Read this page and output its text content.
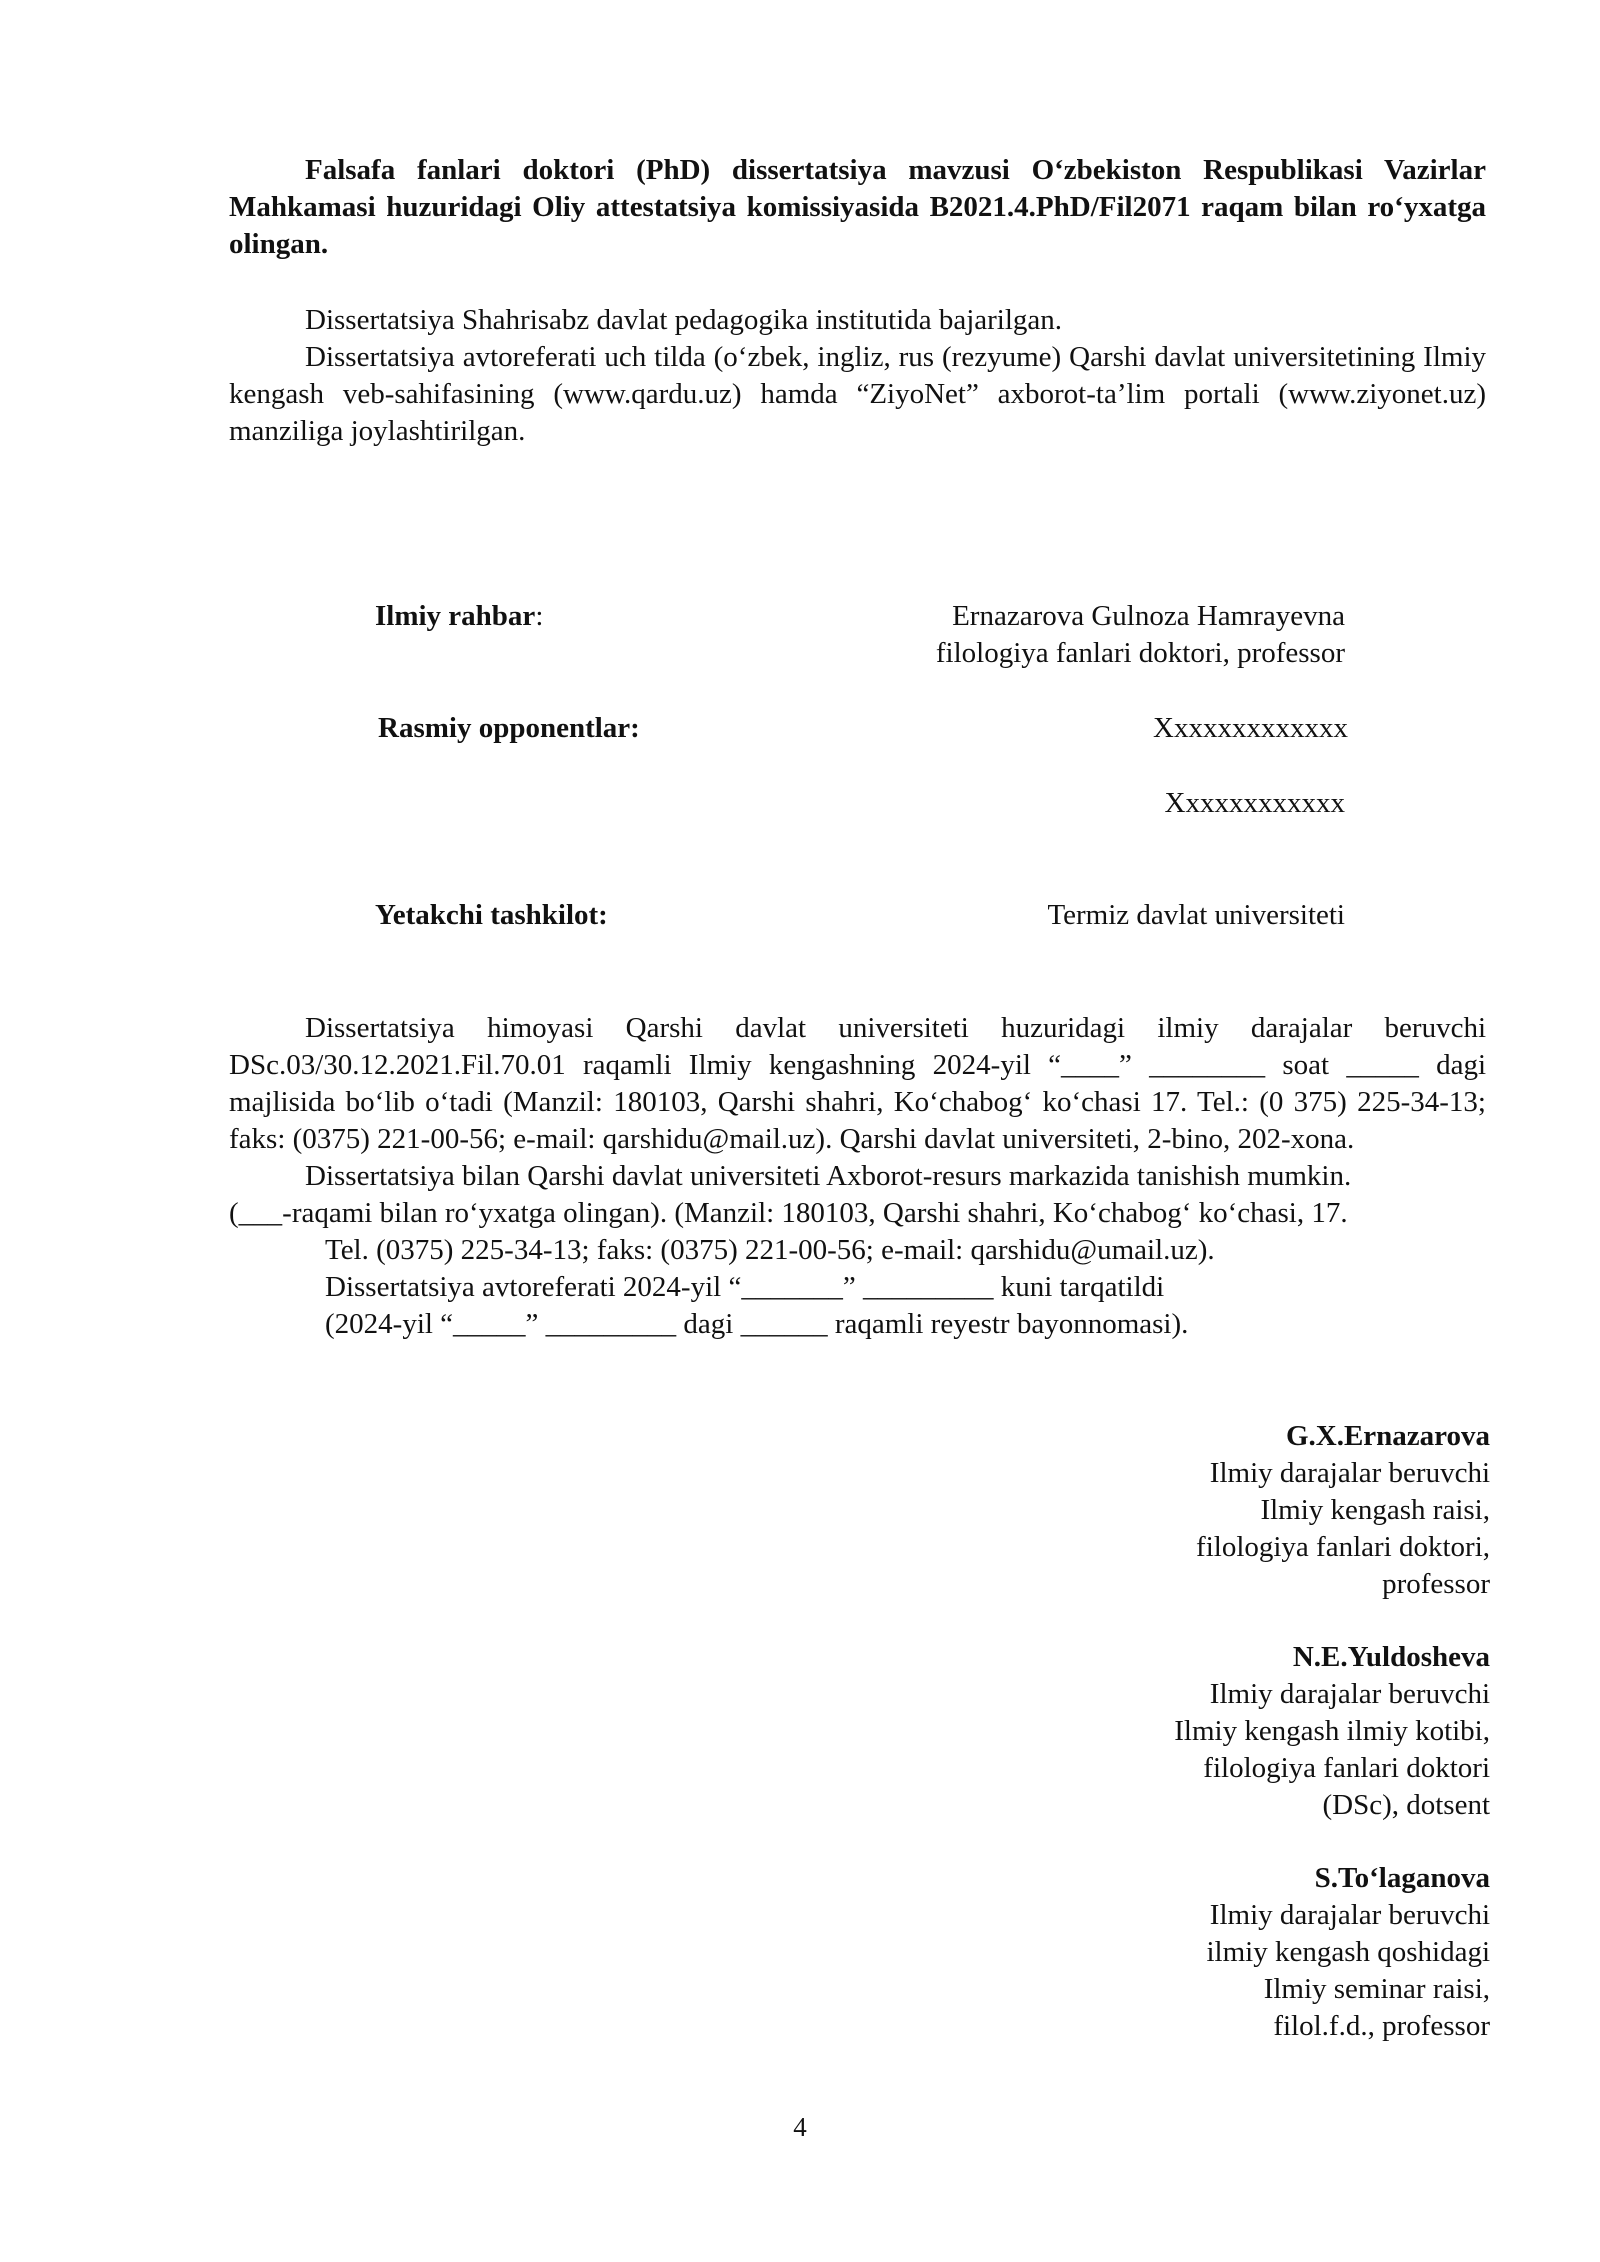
Falsafa fanlari doktori (PhD) dissertatsiya mavzusi O‘zbekiston Respublikasi Vazirlar Mahkamasi huzuridagi Oliy attestatsiya komissiyasida B2021.4.PhD/Fil2071 raqam bilan ro‘yxatga olingan.

Dissertatsiya Shahrisabz davlat pedagogika institutida bajarilgan.

Dissertatsiya avtoreferati uch tilda (o‘zbek, ingliz, rus (rezyume) Qarshi davlat universitetining Ilmiy kengash veb-sahifasining (www.qardu.uz) hamda “ZiyoNet” axborot-ta’lim portali (www.ziyonet.uz) manziliga joylashtirilgan.

Ilmiy rahbar:	Ernazarova Gulnoza Hamrayevna
filologiya fanlari doktori, professor
Rasmiy opponentlar:	Xxxxxxxxxxxxx
Xxxxxxxxxxxx
Yetakchi tashkilot:	Termiz davlat universiteti

Dissertatsiya himoyasi Qarshi davlat universiteti huzuridagi ilmiy darajalar beruvchi DSc.03/30.12.2021.Fil.70.01 raqamli Ilmiy kengashning 2024-yil “____” ________ soat _____ dagi majlisida bo‘lib o‘tadi (Manzil: 180103, Qarshi shahri, Ko‘chabog‘ ko‘chasi 17. Tel.: (0 375) 225-34-13; faks: (0375) 221-00-56; e-mail: qarshidu@mail.uz). Qarshi davlat universiteti, 2-bino, 202-xona.

Dissertatsiya bilan Qarshi davlat universiteti Axborot-resurs markazida tanishish mumkin.

(___-raqami bilan ro‘yxatga olingan). (Manzil: 180103, Qarshi shahri, Ko‘chabog‘ ko‘chasi, 17.

Tel. (0375) 225-34-13; faks: (0375) 221-00-56; e-mail: qarshidu@umail.uz).

Dissertatsiya avtoreferati 2024-yil “_______” _________ kuni tarqatildi

(2024-yil “_____” _________ dagi ______ raqamli reyestr bayonnomasi).

G.X.Ernazarova
Ilmiy darajalar beruvchi
Ilmiy kengash raisi,
filologiya fanlari doktori,
professor
N.E.Yuldosheva
Ilmiy darajalar beruvchi
Ilmiy kengash ilmiy kotibi,
filologiya fanlari doktori
(DSc), dotsent
S.To‘laganova
Ilmiy darajalar beruvchi
ilmiy kengash qoshidagi
Ilmiy seminar raisi,
filol.f.d., professor
4
